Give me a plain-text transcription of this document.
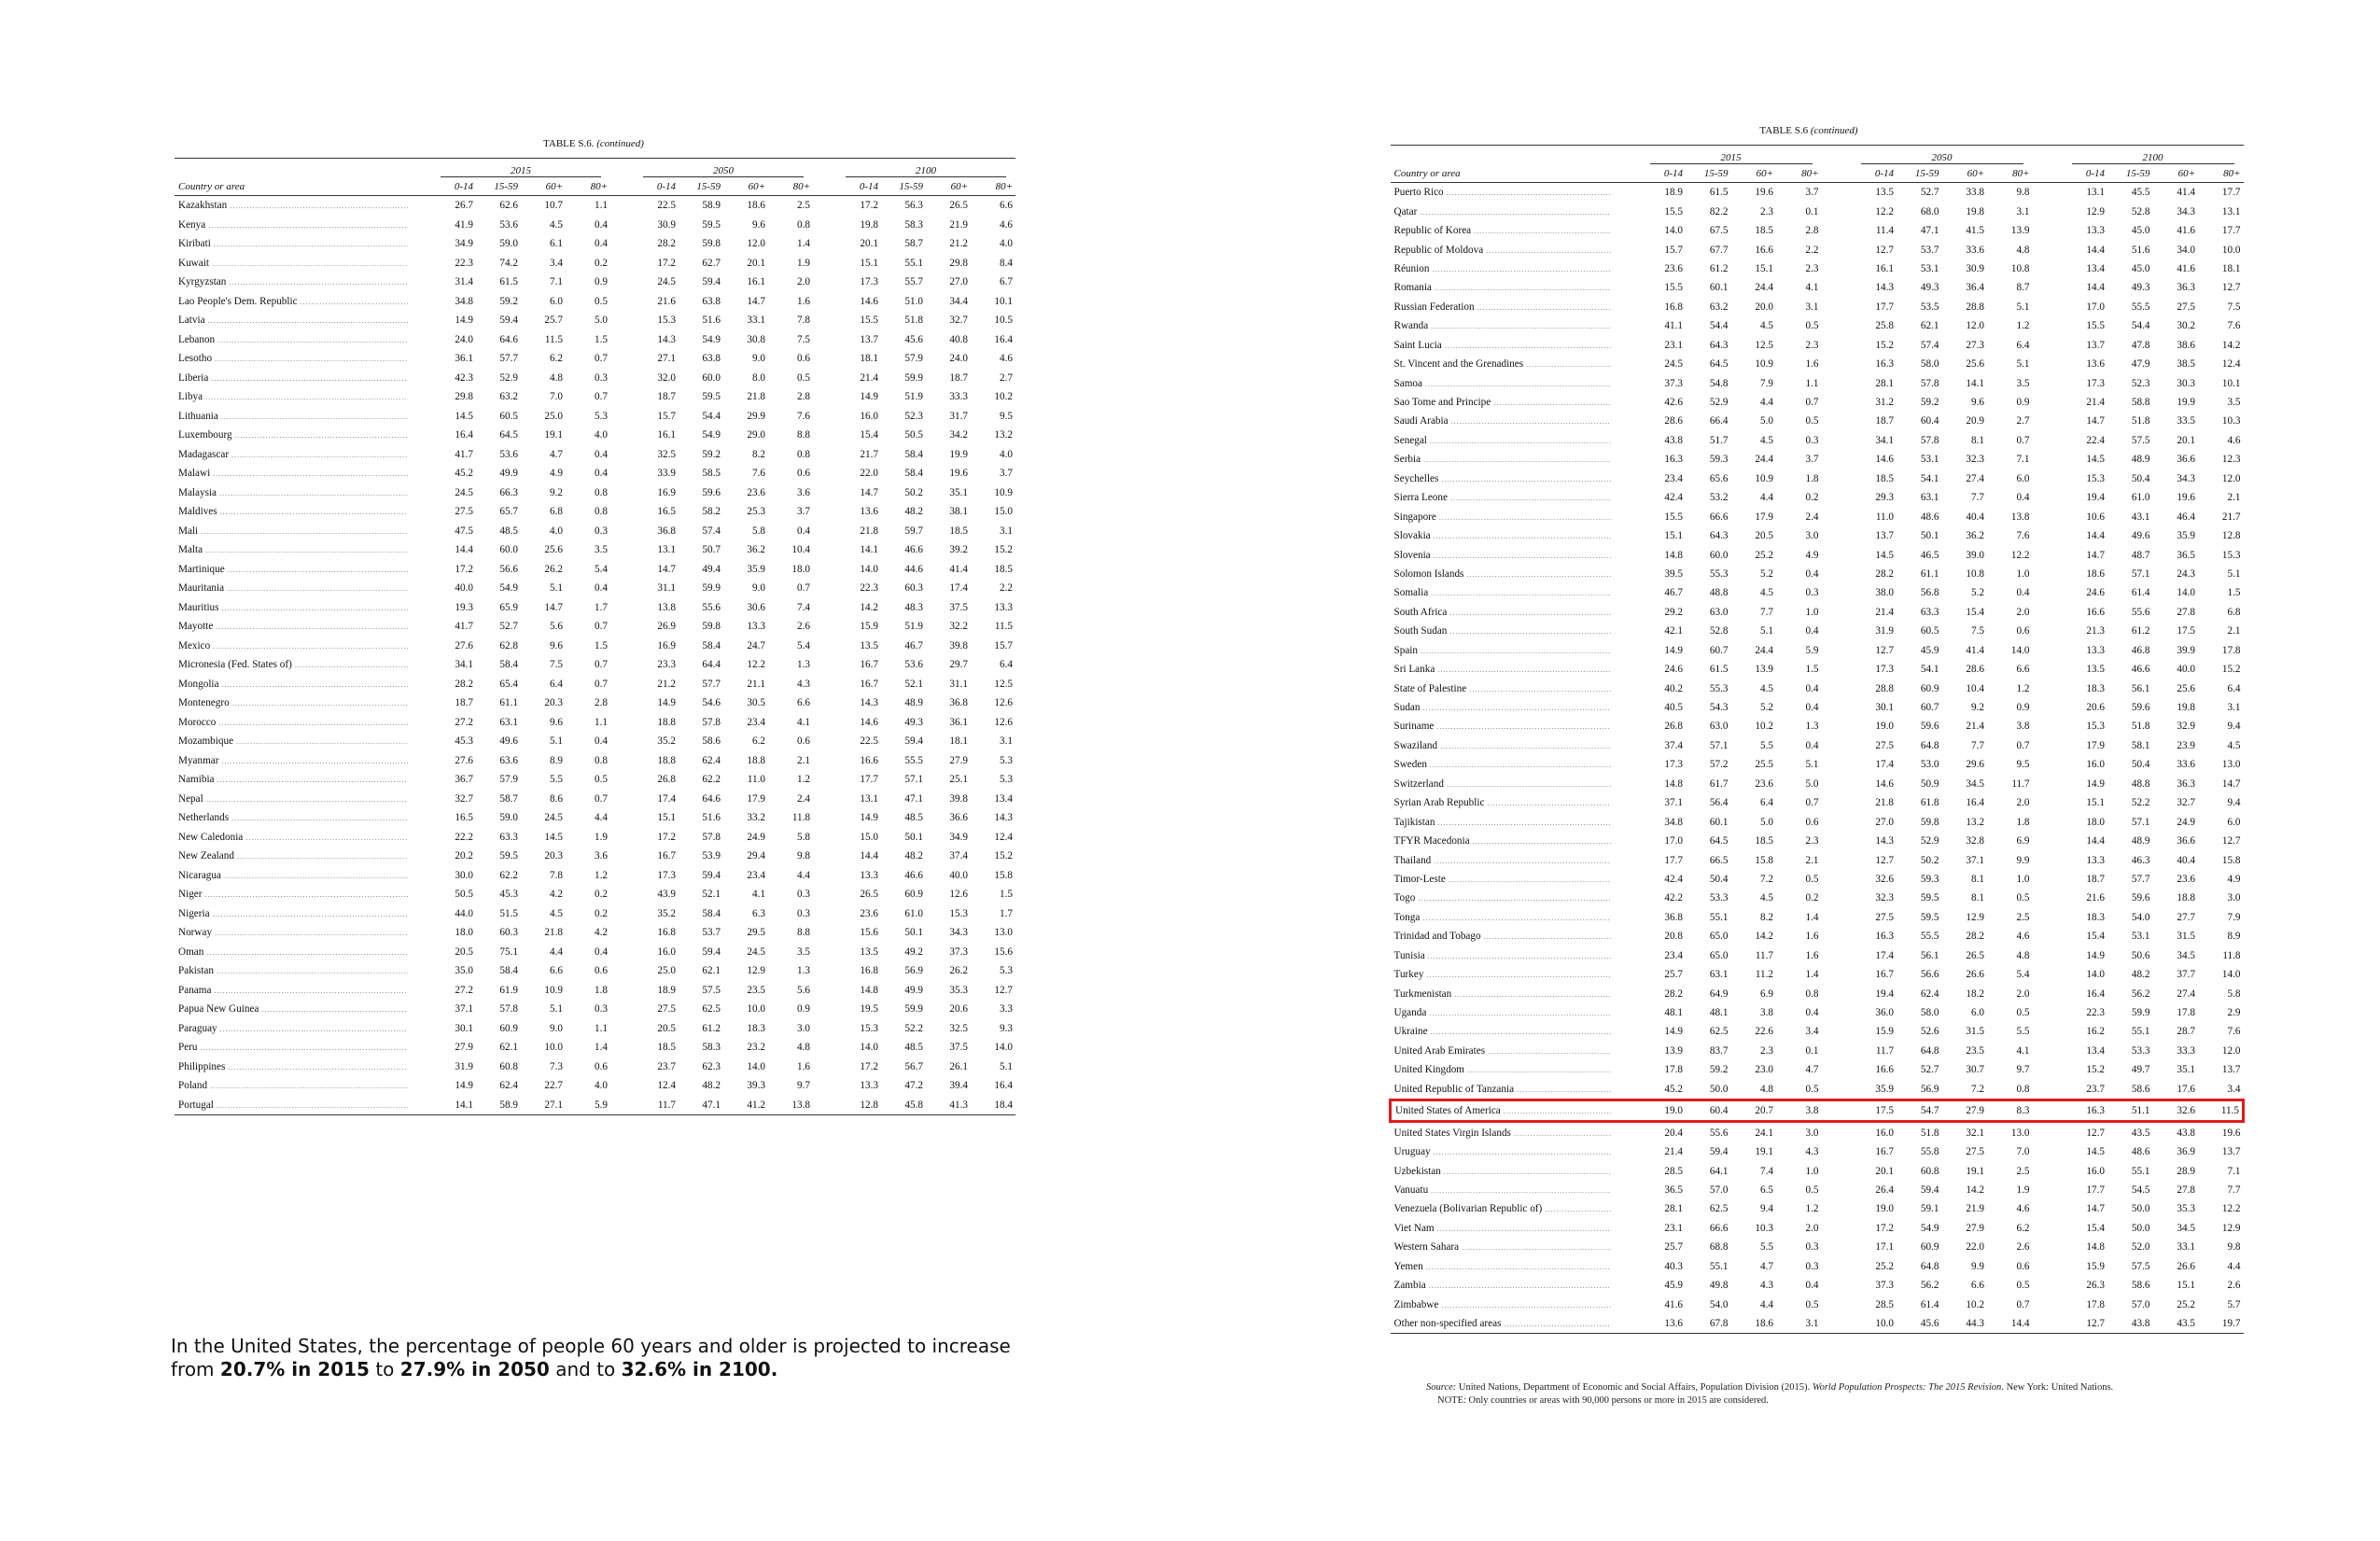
TABLE S.6. (continued)

		2015					2050					2100			

Country or area		0-14	15-59	60+	80+		0-14	15-59	60+	80+		0-14	15-59	60+	80+
Kazakhstan .....		26.7	62.6	10.7	1.1		22.5	58.9	18.6	2.5		17.2	56.3	26.5	6.6
Kenya .....		41.9	53.6	4.5	0.4		30.9	59.5	9.6	0.8		19.8	58.3	21.9	4.6
Kiribati .....		34.9	59.0	6.1	0.4		28.2	59.8	12.0	1.4		20.1	58.7	21.2	4.0
Kuwait .....		22.3	74.2	3.4	0.2		17.2	62.7	20.1	1.9		15.1	55.1	29.8	8.4
Kyrgyzstan .....		31.4	61.5	7.1	0.9		24.5	59.4	16.1	2.0		17.3	55.7	27.0	6.7
Lao People's Dem. Republic .....		34.8	59.2	6.0	0.5		21.6	63.8	14.7	1.6		14.6	51.0	34.4	10.1
Latvia .....		14.9	59.4	25.7	5.0		15.3	51.6	33.1	7.8		15.5	51.8	32.7	10.5
Lebanon .....		24.0	64.6	11.5	1.5		14.3	54.9	30.8	7.5		13.7	45.6	40.8	16.4
Lesotho .....		36.1	57.7	6.2	0.7		27.1	63.8	9.0	0.6		18.1	57.9	24.0	4.6
Liberia .....		42.3	52.9	4.8	0.3		32.0	60.0	8.0	0.5		21.4	59.9	18.7	2.7
Libya .....		29.8	63.2	7.0	0.7		18.7	59.5	21.8	2.8		14.9	51.9	33.3	10.2
Lithuania .....		14.5	60.5	25.0	5.3		15.7	54.4	29.9	7.6		16.0	52.3	31.7	9.5
Luxembourg .....		16.4	64.5	19.1	4.0		16.1	54.9	29.0	8.8		15.4	50.5	34.2	13.2
Madagascar .....		41.7	53.6	4.7	0.4		32.5	59.2	8.2	0.8		21.7	58.4	19.9	4.0
Malawi .....		45.2	49.9	4.9	0.4		33.9	58.5	7.6	0.6		22.0	58.4	19.6	3.7
Malaysia .....		24.5	66.3	9.2	0.8		16.9	59.6	23.6	3.6		14.7	50.2	35.1	10.9
Maldives .....		27.5	65.7	6.8	0.8		16.5	58.2	25.3	3.7		13.6	48.2	38.1	15.0
Mali .....		47.5	48.5	4.0	0.3		36.8	57.4	5.8	0.4		21.8	59.7	18.5	3.1
Malta .....		14.4	60.0	25.6	3.5		13.1	50.7	36.2	10.4		14.1	46.6	39.2	15.2
Martinique .....		17.2	56.6	26.2	5.4		14.7	49.4	35.9	18.0		14.0	44.6	41.4	18.5
Mauritania .....		40.0	54.9	5.1	0.4		31.1	59.9	9.0	0.7		22.3	60.3	17.4	2.2
Mauritius .....		19.3	65.9	14.7	1.7		13.8	55.6	30.6	7.4		14.2	48.3	37.5	13.3
Mayotte .....		41.7	52.7	5.6	0.7		26.9	59.8	13.3	2.6		15.9	51.9	32.2	11.5
Mexico .....		27.6	62.8	9.6	1.5		16.9	58.4	24.7	5.4		13.5	46.7	39.8	15.7
Micronesia (Fed. States of) .....		34.1	58.4	7.5	0.7		23.3	64.4	12.2	1.3		16.7	53.6	29.7	6.4
Mongolia .....		28.2	65.4	6.4	0.7		21.2	57.7	21.1	4.3		16.7	52.1	31.1	12.5
Montenegro .....		18.7	61.1	20.3	2.8		14.9	54.6	30.5	6.6		14.3	48.9	36.8	12.6
Morocco .....		27.2	63.1	9.6	1.1		18.8	57.8	23.4	4.1		14.6	49.3	36.1	12.6
Mozambique .....		45.3	49.6	5.1	0.4		35.2	58.6	6.2	0.6		22.5	59.4	18.1	3.1
Myanmar .....		27.6	63.6	8.9	0.8		18.8	62.4	18.8	2.1		16.6	55.5	27.9	5.3
Namibia .....		36.7	57.9	5.5	0.5		26.8	62.2	11.0	1.2		17.7	57.1	25.1	5.3
Nepal .....		32.7	58.7	8.6	0.7		17.4	64.6	17.9	2.4		13.1	47.1	39.8	13.4
Netherlands .....		16.5	59.0	24.5	4.4		15.1	51.6	33.2	11.8		14.9	48.5	36.6	14.3
New Caledonia .....		22.2	63.3	14.5	1.9		17.2	57.8	24.9	5.8		15.0	50.1	34.9	12.4
New Zealand .....		20.2	59.5	20.3	3.6		16.7	53.9	29.4	9.8		14.4	48.2	37.4	15.2
Nicaragua .....		30.0	62.2	7.8	1.2		17.3	59.4	23.4	4.4		13.3	46.6	40.0	15.8
Niger .....		50.5	45.3	4.2	0.2		43.9	52.1	4.1	0.3		26.5	60.9	12.6	1.5
Nigeria .....		44.0	51.5	4.5	0.2		35.2	58.4	6.3	0.3		23.6	61.0	15.3	1.7
Norway .....		18.0	60.3	21.8	4.2		16.8	53.7	29.5	8.8		15.6	50.1	34.3	13.0
Oman .....		20.5	75.1	4.4	0.4		16.0	59.4	24.5	3.5		13.5	49.2	37.3	15.6
Pakistan .....		35.0	58.4	6.6	0.6		25.0	62.1	12.9	1.3		16.8	56.9	26.2	5.3
Panama .....		27.2	61.9	10.9	1.8		18.9	57.5	23.5	5.6		14.8	49.9	35.3	12.7
Papua New Guinea .....		37.1	57.8	5.1	0.3		27.5	62.5	10.0	0.9		19.5	59.9	20.6	3.3
Paraguay .....		30.1	60.9	9.0	1.1		20.5	61.2	18.3	3.0		15.3	52.2	32.5	9.3
Peru .....		27.9	62.1	10.0	1.4		18.5	58.3	23.2	4.8		14.0	48.5	37.5	14.0
Philippines .....		31.9	60.8	7.3	0.6		23.7	62.3	14.0	1.6		17.2	56.7	26.1	5.1
Poland .....		14.9	62.4	22.7	4.0		12.4	48.2	39.3	9.7		13.3	47.2	39.4	16.4
Portugal .....		14.1	58.9	27.1	5.9		11.7	47.1	41.2	13.8		12.8	45.8	41.3	18.4
TABLE S.6 (continued)

		2015					2050					2100			

Country or area		0-14	15-59	60+	80+		0-14	15-59	60+	80+		0-14	15-59	60+	80+
Puerto Rico .....		18.9	61.5	19.6	3.7		13.5	52.7	33.8	9.8		13.1	45.5	41.4	17.7
Qatar .....		15.5	82.2	2.3	0.1		12.2	68.0	19.8	3.1		12.9	52.8	34.3	13.1
Republic of Korea .....		14.0	67.5	18.5	2.8		11.4	47.1	41.5	13.9		13.3	45.0	41.6	17.7
Republic of Moldova .....		15.7	67.7	16.6	2.2		12.7	53.7	33.6	4.8		14.4	51.6	34.0	10.0
Réunion .....		23.6	61.2	15.1	2.3		16.1	53.1	30.9	10.8		13.4	45.0	41.6	18.1
Romania .....		15.5	60.1	24.4	4.1		14.3	49.3	36.4	8.7		14.4	49.3	36.3	12.7
Russian Federation .....		16.8	63.2	20.0	3.1		17.7	53.5	28.8	5.1		17.0	55.5	27.5	7.5
Rwanda .....		41.1	54.4	4.5	0.5		25.8	62.1	12.0	1.2		15.5	54.4	30.2	7.6
Saint Lucia .....		23.1	64.3	12.5	2.3		15.2	57.4	27.3	6.4		13.7	47.8	38.6	14.2
St. Vincent and the Grenadines .....		24.5	64.5	10.9	1.6		16.3	58.0	25.6	5.1		13.6	47.9	38.5	12.4
Samoa .....		37.3	54.8	7.9	1.1		28.1	57.8	14.1	3.5		17.3	52.3	30.3	10.1
Sao Tome and Principe .....		42.6	52.9	4.4	0.7		31.2	59.2	9.6	0.9		21.4	58.8	19.9	3.5
Saudi Arabia .....		28.6	66.4	5.0	0.5		18.7	60.4	20.9	2.7		14.7	51.8	33.5	10.3
Senegal .....		43.8	51.7	4.5	0.3		34.1	57.8	8.1	0.7		22.4	57.5	20.1	4.6
Serbia .....		16.3	59.3	24.4	3.7		14.6	53.1	32.3	7.1		14.5	48.9	36.6	12.3
Seychelles .....		23.4	65.6	10.9	1.8		18.5	54.1	27.4	6.0		15.3	50.4	34.3	12.0
Sierra Leone .....		42.4	53.2	4.4	0.2		29.3	63.1	7.7	0.4		19.4	61.0	19.6	2.1
Singapore .....		15.5	66.6	17.9	2.4		11.0	48.6	40.4	13.8		10.6	43.1	46.4	21.7
Slovakia .....		15.1	64.3	20.5	3.0		13.7	50.1	36.2	7.6		14.4	49.6	35.9	12.8
Slovenia .....		14.8	60.0	25.2	4.9		14.5	46.5	39.0	12.2		14.7	48.7	36.5	15.3
Solomon Islands .....		39.5	55.3	5.2	0.4		28.2	61.1	10.8	1.0		18.6	57.1	24.3	5.1
Somalia .....		46.7	48.8	4.5	0.3		38.0	56.8	5.2	0.4		24.6	61.4	14.0	1.5
South Africa .....		29.2	63.0	7.7	1.0		21.4	63.3	15.4	2.0		16.6	55.6	27.8	6.8
South Sudan .....		42.1	52.8	5.1	0.4		31.9	60.5	7.5	0.6		21.3	61.2	17.5	2.1
Spain .....		14.9	60.7	24.4	5.9		12.7	45.9	41.4	14.0		13.3	46.8	39.9	17.8
Sri Lanka .....		24.6	61.5	13.9	1.5		17.3	54.1	28.6	6.6		13.5	46.6	40.0	15.2
State of Palestine .....		40.2	55.3	4.5	0.4		28.8	60.9	10.4	1.2		18.3	56.1	25.6	6.4
Sudan .....		40.5	54.3	5.2	0.4		30.1	60.7	9.2	0.9		20.6	59.6	19.8	3.1
Suriname .....		26.8	63.0	10.2	1.3		19.0	59.6	21.4	3.8		15.3	51.8	32.9	9.4
Swaziland .....		37.4	57.1	5.5	0.4		27.5	64.8	7.7	0.7		17.9	58.1	23.9	4.5
Sweden .....		17.3	57.2	25.5	5.1		17.4	53.0	29.6	9.5		16.0	50.4	33.6	13.0
Switzerland .....		14.8	61.7	23.6	5.0		14.6	50.9	34.5	11.7		14.9	48.8	36.3	14.7
Syrian Arab Republic .....		37.1	56.4	6.4	0.7		21.8	61.8	16.4	2.0		15.1	52.2	32.7	9.4
Tajikistan .....		34.8	60.1	5.0	0.6		27.0	59.8	13.2	1.8		18.0	57.1	24.9	6.0
TFYR Macedonia .....		17.0	64.5	18.5	2.3		14.3	52.9	32.8	6.9		14.4	48.9	36.6	12.7
Thailand .....		17.7	66.5	15.8	2.1		12.7	50.2	37.1	9.9		13.3	46.3	40.4	15.8
Timor-Leste .....		42.4	50.4	7.2	0.5		32.6	59.3	8.1	1.0		18.7	57.7	23.6	4.9
Togo .....		42.2	53.3	4.5	0.2		32.3	59.5	8.1	0.5		21.6	59.6	18.8	3.0
Tonga .....		36.8	55.1	8.2	1.4		27.5	59.5	12.9	2.5		18.3	54.0	27.7	7.9
Trinidad and Tobago .....		20.8	65.0	14.2	1.6		16.3	55.5	28.2	4.6		15.4	53.1	31.5	8.9
Tunisia .....		23.4	65.0	11.7	1.6		17.4	56.1	26.5	4.8		14.9	50.6	34.5	11.8
Turkey .....		25.7	63.1	11.2	1.4		16.7	56.6	26.6	5.4		14.0	48.2	37.7	14.0
Turkmenistan .....		28.2	64.9	6.9	0.8		19.4	62.4	18.2	2.0		16.4	56.2	27.4	5.8
Uganda .....		48.1	48.1	3.8	0.4		36.0	58.0	6.0	0.5		22.3	59.9	17.8	2.9
Ukraine .....		14.9	62.5	22.6	3.4		15.9	52.6	31.5	5.5		16.2	55.1	28.7	7.6
United Arab Emirates .....		13.9	83.7	2.3	0.1		11.7	64.8	23.5	4.1		13.4	53.3	33.3	12.0
United Kingdom .....		17.8	59.2	23.0	4.7		16.6	52.7	30.7	9.7		15.2	49.7	35.1	13.7
United Republic of Tanzania .....		45.2	50.0	4.8	0.5		35.9	56.9	7.2	0.8		23.7	58.6	17.6	3.4
United States of America .....		19.0	60.4	20.7	3.8		17.5	54.7	27.9	8.3		16.3	51.1	32.6	11.5
United States Virgin Islands .....		20.4	55.6	24.1	3.0		16.0	51.8	32.1	13.0		12.7	43.5	43.8	19.6
Uruguay .....		21.4	59.4	19.1	4.3		16.7	55.8	27.5	7.0		14.5	48.6	36.9	13.7
Uzbekistan .....		28.5	64.1	7.4	1.0		20.1	60.8	19.1	2.5		16.0	55.1	28.9	7.1
Vanuatu .....		36.5	57.0	6.5	0.5		26.4	59.4	14.2	1.9		17.7	54.5	27.8	7.7
Venezuela (Bolivarian Republic of) .....		28.1	62.5	9.4	1.2		19.0	59.1	21.9	4.6		14.7	50.0	35.3	12.2
Viet Nam .....		23.1	66.6	10.3	2.0		17.2	54.9	27.9	6.2		15.4	50.0	34.5	12.9
Western Sahara .....		25.7	68.8	5.5	0.3		17.1	60.9	22.0	2.6		14.8	52.0	33.1	9.8
Yemen .....		40.3	55.1	4.7	0.3		25.2	64.8	9.9	0.6		15.9	57.5	26.6	4.4
Zambia .....		45.9	49.8	4.3	0.4		37.3	56.2	6.6	0.5		26.3	58.6	15.1	2.6
Zimbabwe .....		41.6	54.0	4.4	0.5		28.5	61.4	10.2	0.7		17.8	57.0	25.2	5.7
Other non-specified areas .....		13.6	67.8	18.6	3.1		10.0	45.6	44.3	14.4		12.7	43.8	43.5	19.7
Source: United Nations, Department of Economic and Social Affairs, Population Division (2015). World Population Prospects: The 2015 Revision. New York: United Nations.
NOTE: Only countries or areas with 90,000 persons or more in 2015 are considered.
In the United States, the percentage of people 60 years and older is projected to increase
from 20.7% in 2015 to 27.9% in 2050 and to 32.6% in 2100.
